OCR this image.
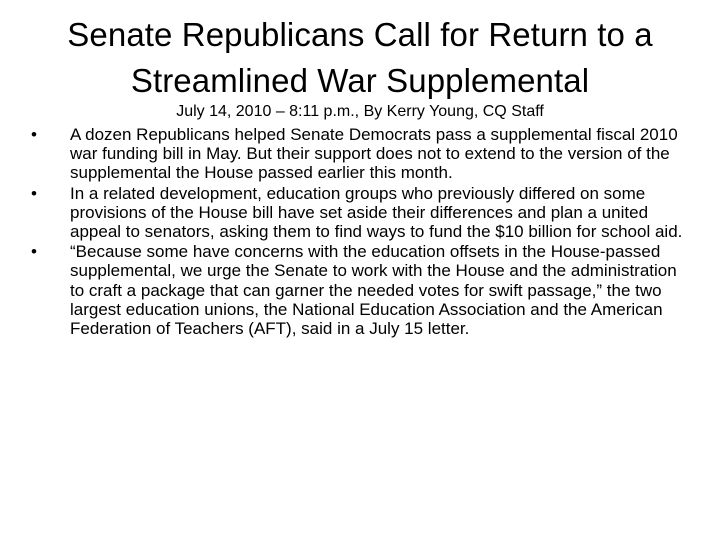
Senate Republicans Call for Return to a Streamlined War Supplemental
July 14, 2010 – 8:11 p.m., By Kerry Young, CQ Staff
•	A dozen Republicans helped Senate Democrats pass a supplemental fiscal 2010 war funding bill in May. But their support does not to extend to the version of the supplemental the House passed earlier this month.
•	In a related development, education groups who previously differed on some provisions of the House bill have set aside their differences and plan a united appeal to senators, asking them to find ways to fund the $10 billion for school aid.
•	“Because some have concerns with the education offsets in the House-passed supplemental, we urge the Senate to work with the House and the administration to craft a package that can garner the needed votes for swift passage,” the two largest education unions, the National Education Association and the American Federation of Teachers (AFT), said in a July 15 letter.
